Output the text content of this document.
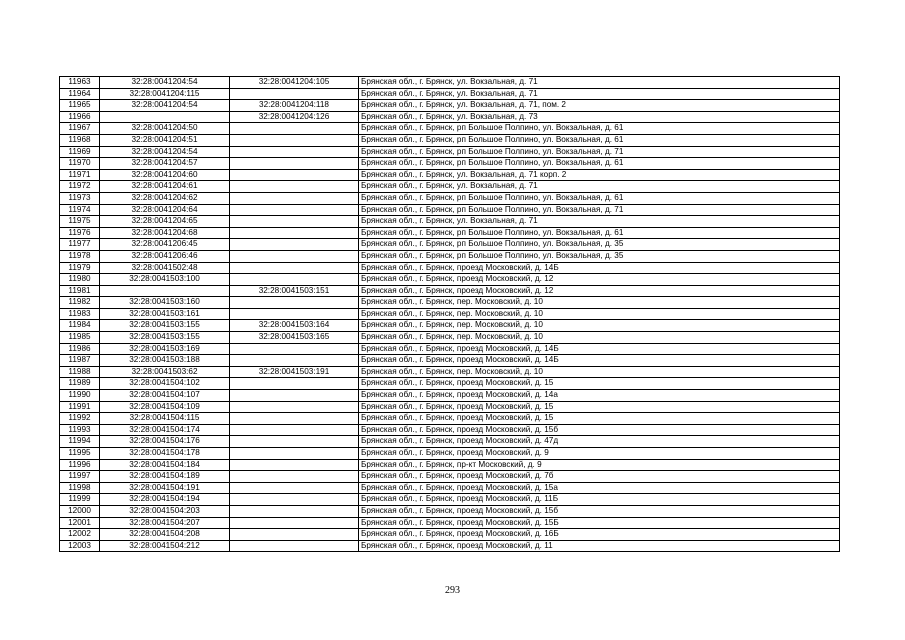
11963	32:28:0041204:54	32:28:0041204:105	Брянская обл., г. Брянск, ул. Вокзальная, д. 71
11964	32:28:0041204:115		Брянская обл., г. Брянск, ул. Вокзальная, д. 71
11965	32:28:0041204:54	32:28:0041204:118	Брянская обл., г. Брянск, ул. Вокзальная, д. 71, пом. 2
11966		32:28:0041204:126	Брянская обл., г. Брянск, ул. Вокзальная, д. 73
11967	32:28:0041204:50		Брянская обл., г. Брянск, рп Большое Полпино, ул. Вокзальная, д. 61
11968	32:28:0041204:51		Брянская обл., г. Брянск, рп Большое Полпино, ул. Вокзальная, д. 61
11969	32:28:0041204:54		Брянская обл., г. Брянск, рп Большое Полпино, ул. Вокзальная, д. 71
11970	32:28:0041204:57		Брянская обл., г. Брянск, рп Большое Полпино, ул. Вокзальная, д. 61
11971	32:28:0041204:60		Брянская обл., г. Брянск, ул. Вокзальная, д. 71 корп. 2
11972	32:28:0041204:61		Брянская обл., г. Брянск, ул. Вокзальная, д. 71
11973	32:28:0041204:62		Брянская обл., г. Брянск, рп Большое Полпино, ул. Вокзальная, д. 61
11974	32:28:0041204:64		Брянская обл., г. Брянск, рп Большое Полпино, ул. Вокзальная, д. 71
11975	32:28:0041204:65		Брянская обл., г. Брянск, ул. Вокзальная, д. 71
11976	32:28:0041204:68		Брянская обл., г. Брянск, рп Большое Полпино, ул. Вокзальная, д. 61
11977	32:28:0041206:45		Брянская обл., г. Брянск, рп Большое Полпино, ул. Вокзальная, д. 35
11978	32:28:0041206:46		Брянская обл., г. Брянск, рп Большое Полпино, ул. Вокзальная, д. 35
11979	32:28:0041502:48		Брянская обл., г. Брянск, проезд Московский, д. 14Б
11980	32:28:0041503:100		Брянская обл., г. Брянск, проезд Московский, д. 12
11981		32:28:0041503:151	Брянская обл., г. Брянск, проезд Московский, д. 12
11982	32:28:0041503:160		Брянская обл., г. Брянск, пер. Московский, д. 10
11983	32:28:0041503:161		Брянская обл., г. Брянск, пер. Московский, д. 10
11984	32:28:0041503:155	32:28:0041503:164	Брянская обл., г. Брянск, пер. Московский, д. 10
11985	32:28:0041503:155	32:28:0041503:165	Брянская обл., г. Брянск, пер. Московский, д. 10
11986	32:28:0041503:169		Брянская обл., г. Брянск, проезд Московский, д. 14Б
11987	32:28:0041503:188		Брянская обл., г. Брянск, проезд Московский, д. 14Б
11988	32:28:0041503:62	32:28:0041503:191	Брянская обл., г. Брянск, пер. Московский, д. 10
11989	32:28:0041504:102		Брянская обл., г. Брянск, проезд Московский, д. 15
11990	32:28:0041504:107		Брянская обл., г. Брянск, проезд Московский, д. 14а
11991	32:28:0041504:109		Брянская обл., г. Брянск, проезд Московский, д. 15
11992	32:28:0041504:115		Брянская обл., г. Брянск, проезд Московский, д. 15
11993	32:28:0041504:174		Брянская обл., г. Брянск, проезд Московский, д. 15б
11994	32:28:0041504:176		Брянская обл., г. Брянск, проезд Московский, д. 47д
11995	32:28:0041504:178		Брянская обл., г. Брянск, проезд Московский, д. 9
11996	32:28:0041504:184		Брянская обл., г. Брянск, пр-кт Московский, д. 9
11997	32:28:0041504:189		Брянская обл., г. Брянск, проезд Московский, д. 7б
11998	32:28:0041504:191		Брянская обл., г. Брянск, проезд Московский, д. 15а
11999	32:28:0041504:194		Брянская обл., г. Брянск, проезд Московский, д. 11Б
12000	32:28:0041504:203		Брянская обл., г. Брянск, проезд Московский, д. 15б
12001	32:28:0041504:207		Брянская обл., г. Брянск, проезд Московский, д. 15Б
12002	32:28:0041504:208		Брянская обл., г. Брянск, проезд Московский, д. 16Б
12003	32:28:0041504:212		Брянская обл., г. Брянск, проезд Московский, д. 11
293
